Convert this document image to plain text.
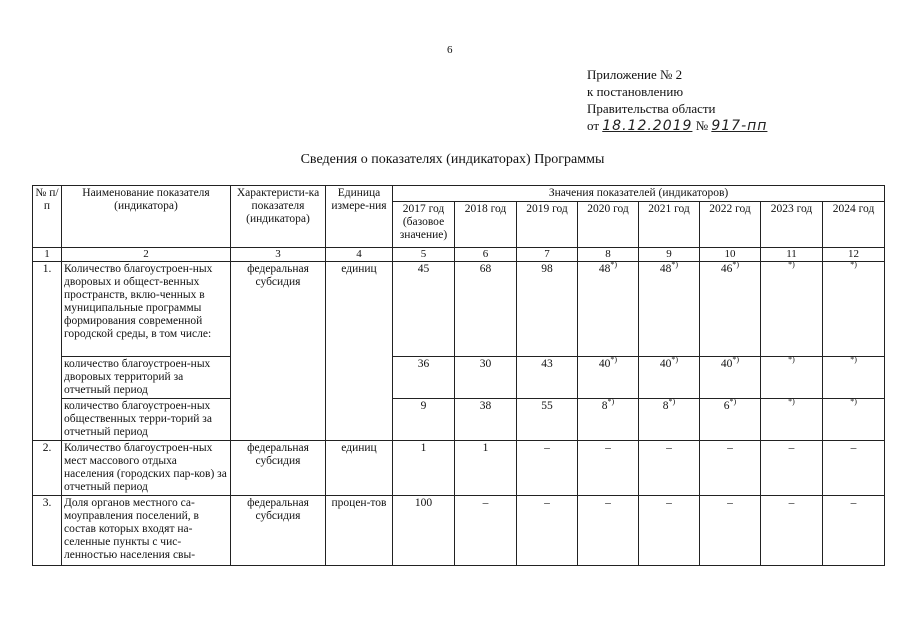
6
Приложение № 2
к постановлению
Правительства области
от 18.12.2019 № 917-пп
Сведения о показателях (индикаторах) Программы
№ п/п	Наименование показателя (индикатора)	Характеристи-ка показателя (индикатора)	Единица измере-ния	Значения показателей (индикаторов)							
				2017 год (базовое значение)	2018 год	2019 год	2020 год	2021 год	2022 год	2023 год	2024 год
1	2	3	4	5	6	7	8	9	10	11	12
1.	Количество благоустроен-ных дворовых и общест-венных пространств, вклю-ченных в муниципальные программы формирования современной городской среды, в том числе:	федеральная субсидия	единиц	45	68	98	48*)	48*)	46*)	*)	*)
	количество благоустроен-ных дворовых территорий за отчетный период			36	30	43	40*)	40*)	40*)	*)	*)
	количество благоустроен-ных общественных терри-торий за отчетный период			9	38	55	8*)	8*)	6*)	*)	*)
2.	Количество благоустроен-ных мест массового отдыха населения (городских пар-ков) за отчетный период	федеральная субсидия	единиц	1	1	–	–	–	–	–	–
3.	Доля органов местного са-моуправления поселений, в состав которых входят на-селенные пункты с чис-ленностью населения свы-	федеральная субсидия	процен-тов	100	–	–	–	–	–	–	–
